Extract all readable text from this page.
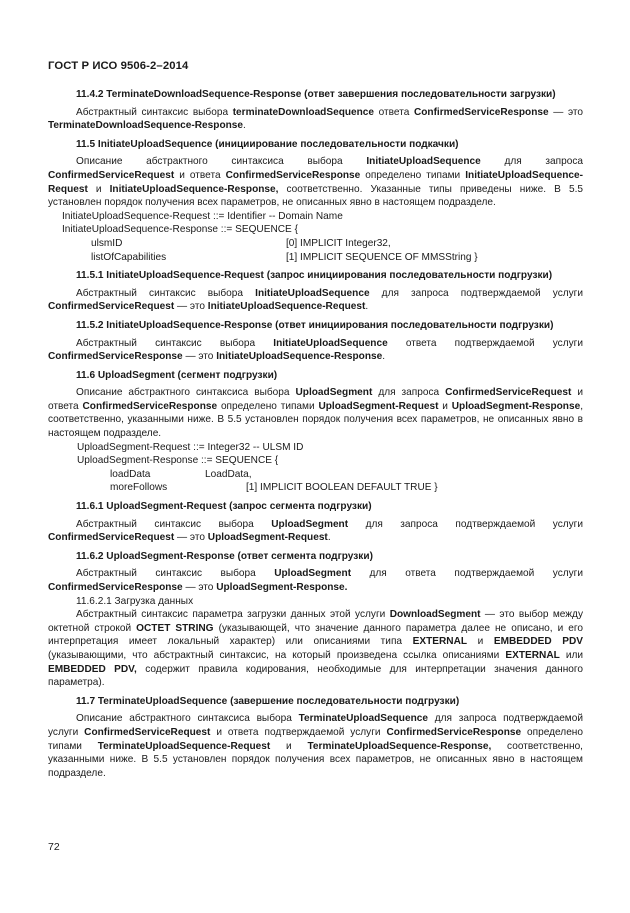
ГОСТ Р ИСО 9506-2–2014

11.4.2 TerminateDownloadSequence-Response (ответ завершения последовательности загрузки)

Абстрактный синтаксис выбора terminateDownloadSequence ответа ConfirmedServiceResponse — это TerminateDownloadSequence-Response.

11.5 InitiateUploadSequence (инициирование последовательности подкачки)

Описание абстрактного синтаксиса выбора InitiateUploadSequence для запроса ConfirmedServiceRequest и ответа ConfirmedServiceResponse определено типами InitiateUploadSequence-Request и InitiateUploadSequence-Response, соответственно. Указанные типы приведены ниже. В 5.5 установлен порядок получения всех параметров, не описанных явно в настоящем подразделе.

InitiateUploadSequence-Request ::= Identifier -- Domain Name
InitiateUploadSequence-Response ::= SEQUENCE {
ulsmID	[0] IMPLICIT Integer32,
listOfCapabilities	[1] IMPLICIT SEQUENCE OF MMSString }

11.5.1 InitiateUploadSequence-Request (запрос инициирования последовательности подгрузки)

Абстрактный синтаксис выбора InitiateUploadSequence для запроса подтверждаемой услуги ConfirmedServiceRequest — это InitiateUploadSequence-Request.

11.5.2 InitiateUploadSequence-Response (ответ инициирования последовательности подгрузки)

Абстрактный синтаксис выбора InitiateUploadSequence ответа подтверждаемой услуги ConfirmedServiceResponse — это InitiateUploadSequence-Response.

11.6 UploadSegment (сегмент подгрузки)

Описание абстрактного синтаксиса выбора UploadSegment для запроса ConfirmedServiceRequest и ответа ConfirmedServiceResponse определено типами UploadSegment-Request и UploadSegment-Response, соответственно, указанными ниже. В 5.5 установлен порядок получения всех параметров, не описанных явно в настоящем подразделе.

UploadSegment-Request ::= Integer32 -- ULSM ID
UploadSegment-Response ::= SEQUENCE {
loadData	LoadData,
moreFollows	[1] IMPLICIT BOOLEAN DEFAULT TRUE }

11.6.1 UploadSegment-Request (запрос сегмента подгрузки)

Абстрактный синтаксис выбора UploadSegment для запроса подтверждаемой услуги ConfirmedServiceRequest — это UploadSegment-Request.

11.6.2 UploadSegment-Response (ответ сегмента подгрузки)

Абстрактный синтаксис выбора UploadSegment для ответа подтверждаемой услуги ConfirmedServiceResponse — это UploadSegment-Response.

11.6.2.1 Загрузка данных

Абстрактный синтаксис параметра загрузки данных этой услуги DownloadSegment — это выбор между октетной строкой OCTET STRING (указывающей, что значение данного параметра далее не описано, и его интерпретация имеет локальный характер) или описаниями типа EXTERNAL и EMBEDDED PDV (указывающими, что абстрактный синтаксис, на который произведена ссылка описаниями EXTERNAL или EMBEDDED PDV, содержит правила кодирования, необходимые для интерпретации значения данного параметра).

11.7 TerminateUploadSequence (завершение последовательности подгрузки)

Описание абстрактного синтаксиса выбора TerminateUploadSequence для запроса подтверждаемой услуги ConfirmedServiceRequest и ответа подтверждаемой услуги ConfirmedServiceResponse определено типами TerminateUploadSequence-Request и TerminateUploadSequence-Response, соответственно, указанными ниже. В 5.5 установлен порядок получения всех параметров, не описанных явно в настоящем подразделе.

72
